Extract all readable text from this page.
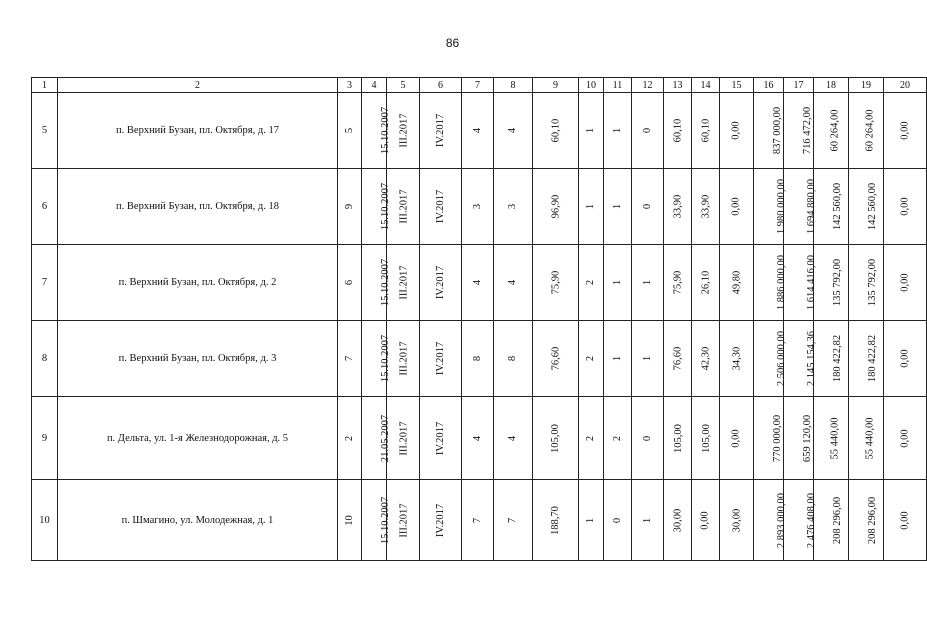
86
1	2	3	4	5	6	7	8	9	10	11	12	13	14	15	16	17	18	19	20
5	п. Верхний Бузан, пл. Октября, д. 17	5	15.10.2007	III.2017	IV.2017	4	4	60,10	1	1	0	60,10	60,10	0,00	837 000,00	716 472,00	60 264,00	60 264,00	0,00
6	п. Верхний Бузан, пл. Октября, д. 18	9	15.10.2007	III.2017	IV.2017	3	3	96,90	1	1	0	33,90	33,90	0,00	1 980 000,00	1 694 880,00	142 560,00	142 560,00	0,00
7	п. Верхний Бузан, пл. Октября, д. 2	6	15.10.2007	III.2017	IV.2017	4	4	75,90	2	1	1	75,90	26,10	49,80	1 886 000,00	1 614 416,00	135 792,00	135 792,00	0,00
8	п. Верхний Бузан, пл. Октября, д. 3	7	15.10.2007	III.2017	IV.2017	8	8	76,60	2	1	1	76,60	42,30	34,30	2 506 000,00	2 145 154,36	180 422,82	180 422,82	0,00
9	п. Дельта, ул. 1-я Железнодорожная, д. 5	2	21.05.2007	III.2017	IV.2017	4	4	105,00	2	2	0	105,00	105,00	0,00	770 000,00	659 120,00	55 440,00	55 440,00	0,00
10	п. Шмагино, ул. Молодежная, д. 1	10	15.10.2007	III.2017	IV.2017	7	7	188,70	1	0	1	30,00	0,00	30,00	2 893 000,00	2 476 408,00	208 296,00	208 296,00	0,00
